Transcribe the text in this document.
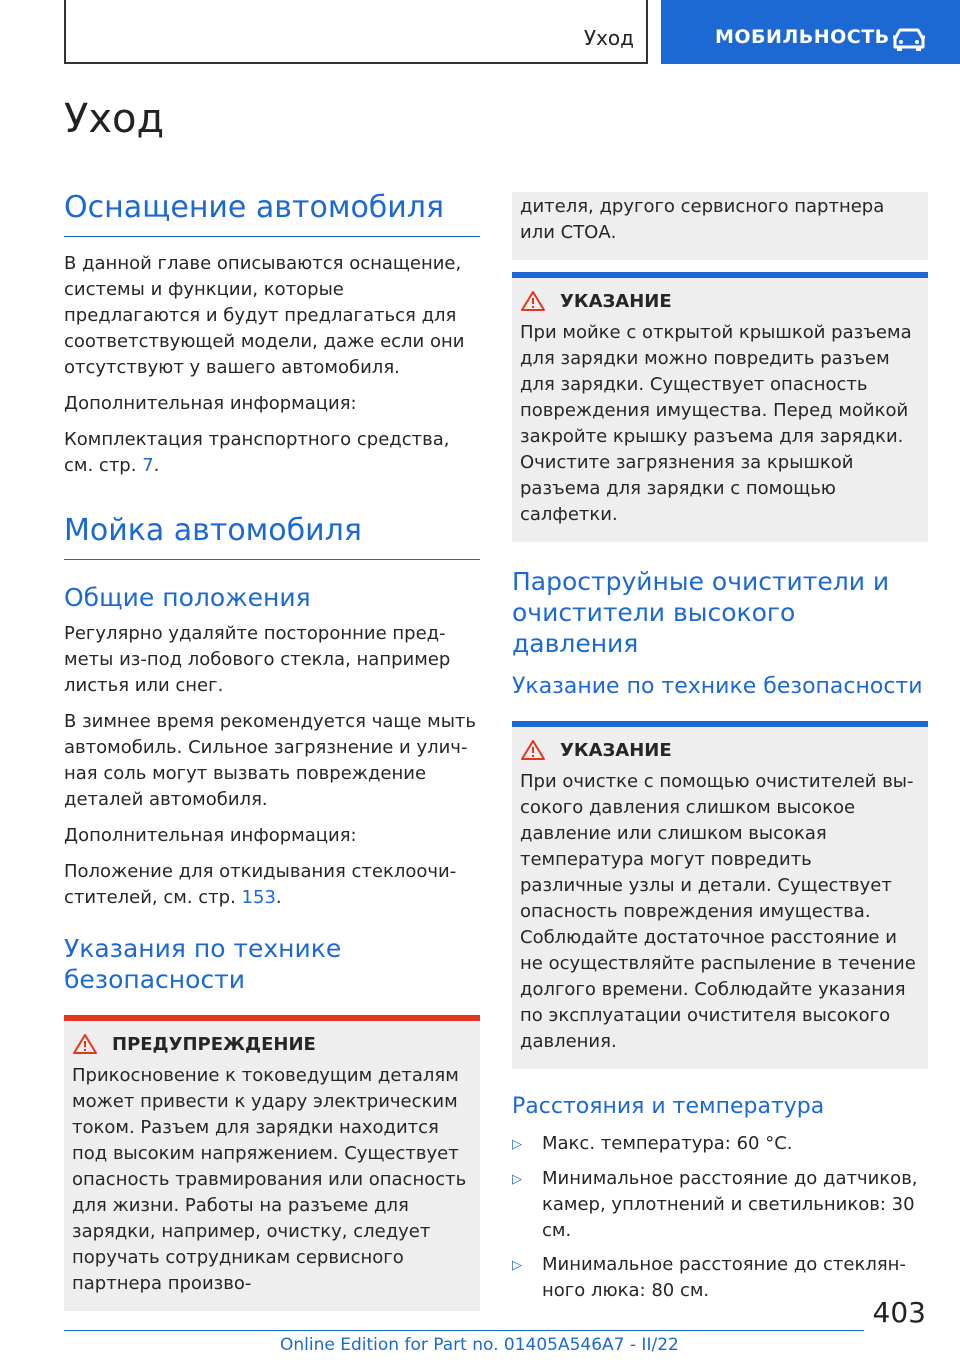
Уход	МОБИЛЬНОСТЬ
Уход
Оснащение автомобиля

В данной главе описываются оснащение, системы и функции, которые предлагаются и будут предлагаться для соответствующей модели, даже если они отсутствуют у вашего автомобиля.

Дополнительная информация:

Комплектация транспортного средства, см. стр. 7.

Мойка автомобиля
Общие положения

Регулярно удаляйте посторонние предметы из-под лобового стекла, например листья или снег.

В зимнее время рекомендуется чаще мыть автомобиль. Сильное загрязнение и уличная соль могут вызвать повреждение деталей автомобиля.

Дополнительная информация:

Положение для откидывания стеклоочистителей, см. стр. 153.

Указания по технике безопасности
ПРЕДУПРЕЖДЕНИЕ

Прикосновение к токоведущим деталям может привести к удару электрическим током. Разъем для зарядки находится под высоким напряжением. Существует опасность травмирования или опасность для жизни. Работы на разъеме для зарядки, например, очистку, следует поручать сотрудникам сервисного партнера произво-

дителя, другого сервисного партнера или СТОА.

УКАЗАНИЕ

При мойке с открытой крышкой разъема для зарядки можно повредить разъем для зарядки. Существует опасность повреждения имущества. Перед мойкой закройте крышку разъема для зарядки. Очистите загрязнения за крышкой разъема для зарядки с помощью салфетки.

Пароструйные очистители и очистители высокого давления
Указание по технике безопасности
УКАЗАНИЕ

При очистке с помощью очистителей высокого давления слишком высокое давление или слишком высокая температура могут повредить различные узлы и детали. Существует опасность повреждения имущества. Соблюдайте достаточное расстояние и не осуществляйте распыление в течение долгого времени. Соблюдайте указания по эксплуатации очистителя высокого давления.

Расстояния и температура
▷	Макс. температура: 60 °C.
▷	Минимальное расстояние до датчиков, камер, уплотнений и светильников: 30 см.
▷	Минимальное расстояние до стеклянного люка: 80 см.
403
Online Edition for Part no. 01405A546A7 - II/22
